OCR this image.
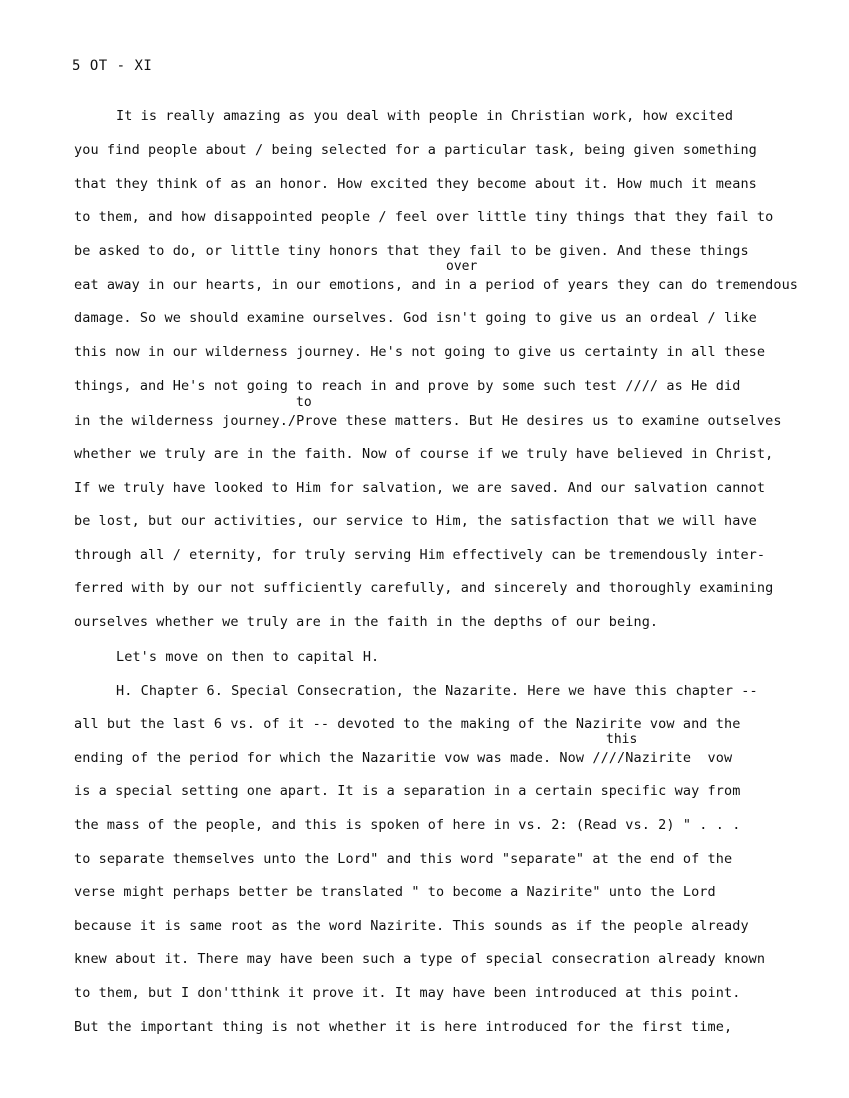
5 OT - XI
It is really amazing as you deal with people in Christian work, how excited
you find people about ∕ being selected for a particular task, being given something
that they think of as an honor. How excited they become about it. How much it means
to them, and how disappointed people ∕ feel over little tiny things that they fail to
be asked to do, or little tiny honors that they fail to be given. And these things
over
eat away in our hearts, in our emotions, and in a period of years they can do tremendous
damage. So we should examine ourselves. God isn't going to give us an ordeal ∕ like
this now in our wilderness journey. He's not going to give us certainty in all these
things, and He's not going to reach in and prove by some such test ∕∕∕∕ as He did
to
in the wilderness journey./Prove these matters. But He desires us to examine outselves
whether we truly are in the faith. Now of course if we truly have believed in Christ,
If we truly have looked to Him for salvation, we are saved. And our salvation cannot
be lost, but our activities, our service to Him, the satisfaction that we will have
through all ∕ eternity, for truly serving Him effectively can be tremendously inter-
ferred with by our not sufficiently carefully, and sincerely and thoroughly examining
ourselves whether we truly are in the faith in the depths of our being.
Let's move on then to capital H.
H. Chapter 6. Special Consecration, the Nazarite. Here we have this chapter --
all but the last 6 vs. of it -- devoted to the making of the Nazirite vow and the
this
ending of the period for which the Nazaritie vow was made. Now ∕∕∕/Nazirite  vow
is a special setting one apart. It is a separation in a certain specific way from
the mass of the people, and this is spoken of here in vs. 2: (Read vs. 2) " . . .
to separate themselves unto the Lord" and this word "separate" at the end of the
verse might perhaps better be translated " to become a Nazirite" unto the Lord
because it is same root as the word Nazirite. This sounds as if the people already
knew about it. There may have been such a type of special consecration already known
to them, but I don'tthink it prove it. It may have been introduced at this point.
But the important thing is not whether it is here introduced for the first time,
